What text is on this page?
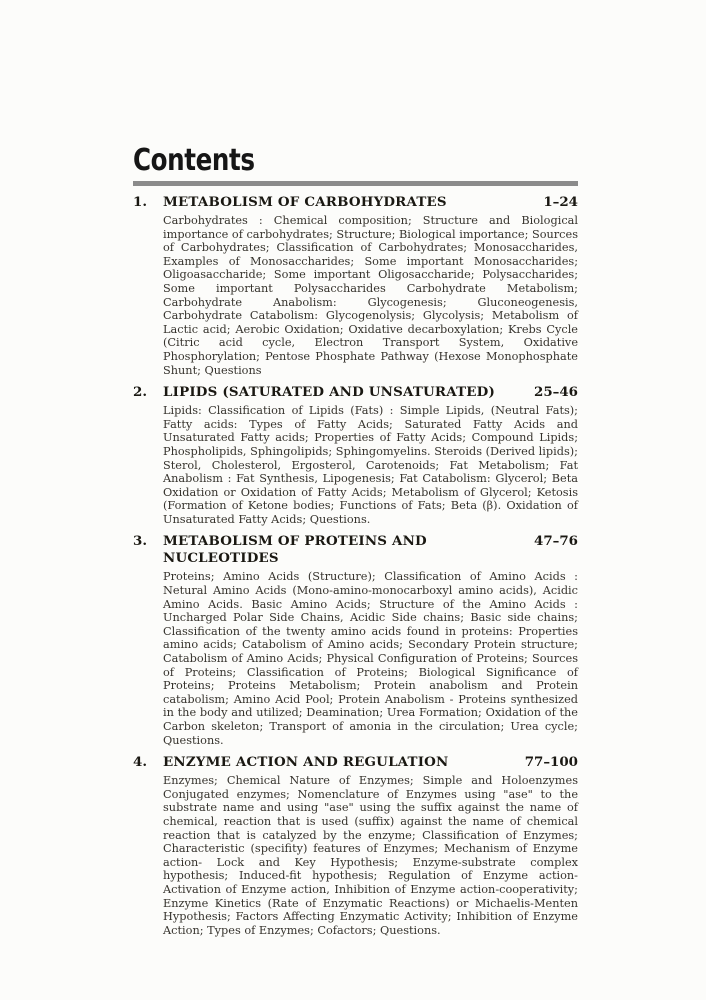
Contents
1.	METABOLISM OF CARBOHYDRATES	1–24

Carbohydrates : Chemical composition; Structure and Biological importance of carbohydrates; Structure; Biological importance; Sources of Carbohydrates; Classification of Carbohydrates; Monosaccharides, Examples of Monosaccharides; Some important Monosaccharides; Oligoasaccharide; Some important Oligosaccharide; Polysaccharides; Some important Polysaccharides Carbohydrate Metabolism; Carbohydrate Anabolism: Glycogenesis; Gluconeogenesis, Carbohydrate Catabolism: Glycogenolysis; Glycolysis; Metabolism of Lactic acid; Aerobic Oxidation; Oxidative decarboxylation; Krebs Cycle (Citric acid cycle, Electron Transport System, Oxidative Phosphorylation; Pentose Phosphate Pathway (Hexose Monophosphate Shunt; Questions

2.	LIPIDS (SATURATED AND UNSATURATED)	25–46

Lipids: Classification of Lipids (Fats) : Simple Lipids, (Neutral Fats); Fatty acids: Types of Fatty Acids; Saturated Fatty Acids and Unsaturated Fatty acids; Properties of Fatty Acids; Compound Lipids; Phospholipids, Sphingolipids; Sphingomyelins. Steroids (Derived lipids); Sterol, Cholesterol, Ergosterol, Carotenoids; Fat Metabolism; Fat Anabolism : Fat Synthesis, Lipogenesis; Fat Catabolism: Glycerol; Beta Oxidation or Oxidation of Fatty Acids; Metabolism of Glycerol; Ketosis (Formation of Ketone bodies; Functions of Fats; Beta (β). Oxidation of Unsaturated Fatty Acids; Questions.

3.	METABOLISM OF PROTEINS AND NUCLEOTIDES
47–76

Proteins; Amino Acids (Structure); Classification of Amino Acids : Netural Amino Acids (Mono-amino-monocarboxyl amino acids), Acidic Amino Acids. Basic Amino Acids; Structure of the Amino Acids : Uncharged Polar Side Chains, Acidic Side chains; Basic side chains; Classification of the twenty amino acids found in proteins: Properties amino acids; Catabolism of Amino acids; Secondary Protein structure; Catabolism of Amino Acids; Physical Configuration of Proteins; Sources of Proteins; Classification of Proteins; Biological Significance of Proteins; Proteins Metabolism; Protein anabolism and Protein catabolism; Amino Acid Pool; Protein Anabolism - Proteins synthesized in the body and utilized; Deamination; Urea Formation; Oxidation of the Carbon skeleton; Transport of amonia in the circulation; Urea cycle; Questions.

4.	ENZYME ACTION AND REGULATION	77–100

Enzymes; Chemical Nature of Enzymes; Simple and Holoenzymes Conjugated enzymes; Nomenclature of Enzymes using "ase" to the substrate name and using "ase" using the suffix against the name of chemical, reaction that is used (suffix) against the name of chemical reaction that is catalyzed by the enzyme; Classification of Enzymes; Characteristic (specifity) features of Enzymes; Mechanism of Enzyme action- Lock and Key Hypothesis; Enzyme-substrate complex hypothesis; Induced-fit hypothesis; Regulation of Enzyme action- Activation of Enzyme action, Inhibition of Enzyme action-cooperativity; Enzyme Kinetics (Rate of Enzymatic Reactions) or Michaelis-Menten Hypothesis; Factors Affecting Enzymatic Activity; Inhibition of Enzyme Action; Types of Enzymes; Cofactors; Questions.
